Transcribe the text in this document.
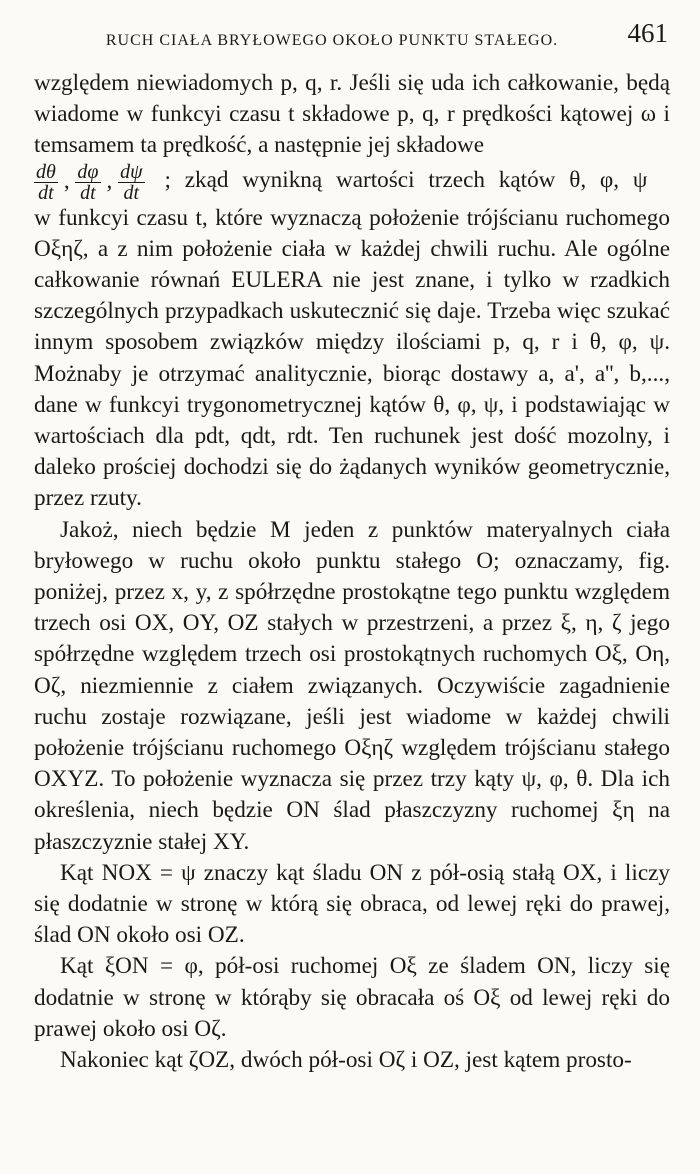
RUCH CIAŁA BRYŁOWEGO OKOŁO PUNKTU STAŁEGO.	461

względem niewiadomych p, q, r. Jeśli się uda ich całkowanie, będą wiadome w funkcyi czasu t składowe p, q, r prędkości kątowej ω i temsamem ta prędkość, a następnie jej składowe
$\frac{d\theta}{dt}$ , $\frac{d\varphi}{dt}$ , $\frac{d\psi}{dt}$ ; zkąd wynikną wartości trzech kątów θ, φ, ψ
w funkcyi czasu t, które wyznaczą położenie trójścianu ruchomego Οξηζ, a z nim położenie ciała w każdej chwili ruchu. Ale ogólne całkowanie równań EULERA nie jest znane, i tylko w rzadkich szczególnych przypadkach uskutecznić się daje. Trzeba więc szukać innym sposobem związków między ilościami p, q, r i θ, φ, ψ. Możnaby je otrzymać analitycznie, biorąc dostawy a, a', a'', b,..., dane w funkcyi trygonometrycznej kątów θ, φ, ψ, i podstawiając w wartościach dla pdt, qdt, rdt. Ten ruchunek jest dość mozolny, i daleko prościej dochodzi się do żądanych wyników geometrycznie, przez rzuty.

Jakoż, niech będzie M jeden z punktów materyalnych ciała bryłowego w ruchu około punktu stałego O; oznaczamy, fig. poniżej, przez x, y, z spółrzędne prostokątne tego punktu względem trzech osi OX, OY, OZ stałych w przestrzeni, a przez ξ, η, ζ jego spółrzędne względem trzech osi prostokątnych ruchomych Οξ, Οη, Οζ, niezmiennie z ciałem związanych. Oczywiście zagadnienie ruchu zostaje rozwiązane, jeśli jest wiadome w każdej chwili położenie trójścianu ruchomego Οξηζ względem trójścianu stałego OXYZ. To położenie wyznacza się przez trzy kąty ψ, φ, θ. Dla ich określenia, niech będzie ON ślad płaszczyzny ruchomej ξη na płaszczyznie stałej XY.

Kąt NOX = ψ znaczy kąt śladu ON z pół-osią stałą OX, i liczy się dodatnie w stronę w którą się obraca, od lewej ręki do prawej, ślad ON około osi OZ.

Kąt ξON = φ, pół-osi ruchomej Οξ ze śladem ON, liczy się dodatnie w stronę w którąby się obracała oś Οξ od lewej ręki do prawej około osi Οζ.

Nakoniec kąt ζOZ, dwóch pół-osi Οζ i OZ, jest kątem prosto-
